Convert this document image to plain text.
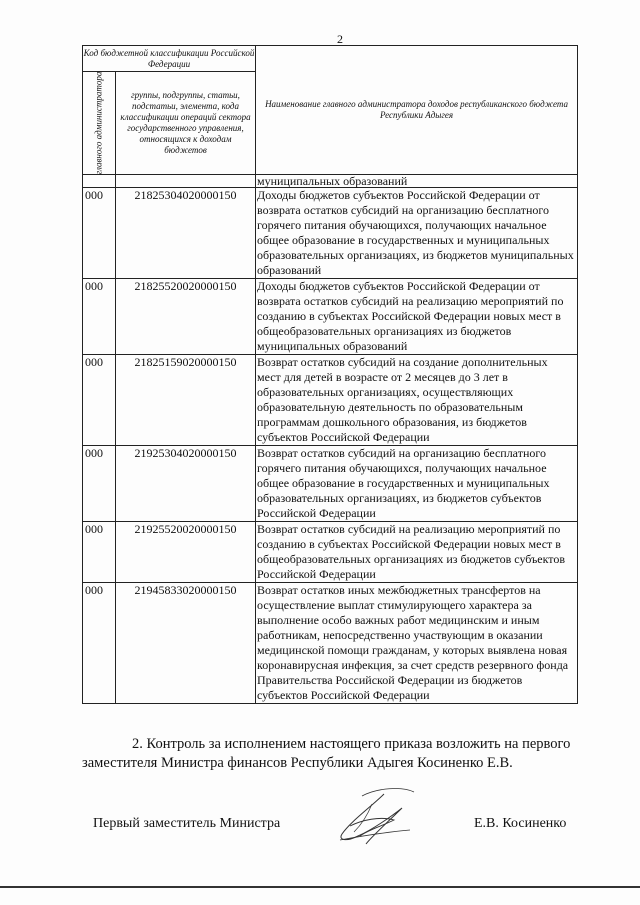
2
Код бюджетной классификации Российской Федерации		Наименование главного администратора доходов республиканского бюджета Республики Адыгея

главного администратора	группы, подгруппы, статьи, подстатьи, элемента, кода классификации операций сектора государственного управления, относящихся к доходам бюджетов	
		муниципальных образований
000	21825304020000150	Доходы бюджетов субъектов Российской Федерации от возврата остатков субсидий на организацию бесплатного горячего питания обучающихся, получающих начальное общее образование в государственных и муниципальных образовательных организациях, из бюджетов муниципальных образований
000	21825520020000150	Доходы бюджетов субъектов Российской Федерации от возврата остатков субсидий на реализацию мероприятий по созданию в субъектах Российской Федерации новых мест в общеобразовательных организациях из бюджетов муниципальных образований
000	21825159020000150	Возврат остатков субсидий на создание дополнительных мест для детей в возрасте от 2 месяцев до 3 лет в образовательных организациях, осуществляющих образовательную деятельность по образовательным программам дошкольного образования, из бюджетов субъектов Российской Федерации
000	21925304020000150	Возврат остатков субсидий на организацию бесплатного горячего питания обучающихся, получающих начальное общее образование в государственных и муниципальных образовательных организациях, из бюджетов субъектов Российской Федерации
000	21925520020000150	Возврат остатков субсидий на реализацию мероприятий по созданию в субъектах Российской Федерации новых мест в общеобразовательных организациях из бюджетов субъектов Российской Федерации
000	21945833020000150	Возврат остатков иных межбюджетных трансфертов на осуществление выплат стимулирующего характера за выполнение особо важных работ медицинским и иным работникам, непосредственно участвующим в оказании медицинской помощи гражданам, у которых выявлена новая коронавирусная инфекция, за счет средств резервного фонда Правительства Российской Федерации из бюджетов субъектов Российской Федерации

2. Контроль за исполнением настоящего приказа возложить на первого заместителя Министра финансов Республики Адыгея Косиненко Е.В.

Первый заместитель Министра	Е.В. Косиненко
